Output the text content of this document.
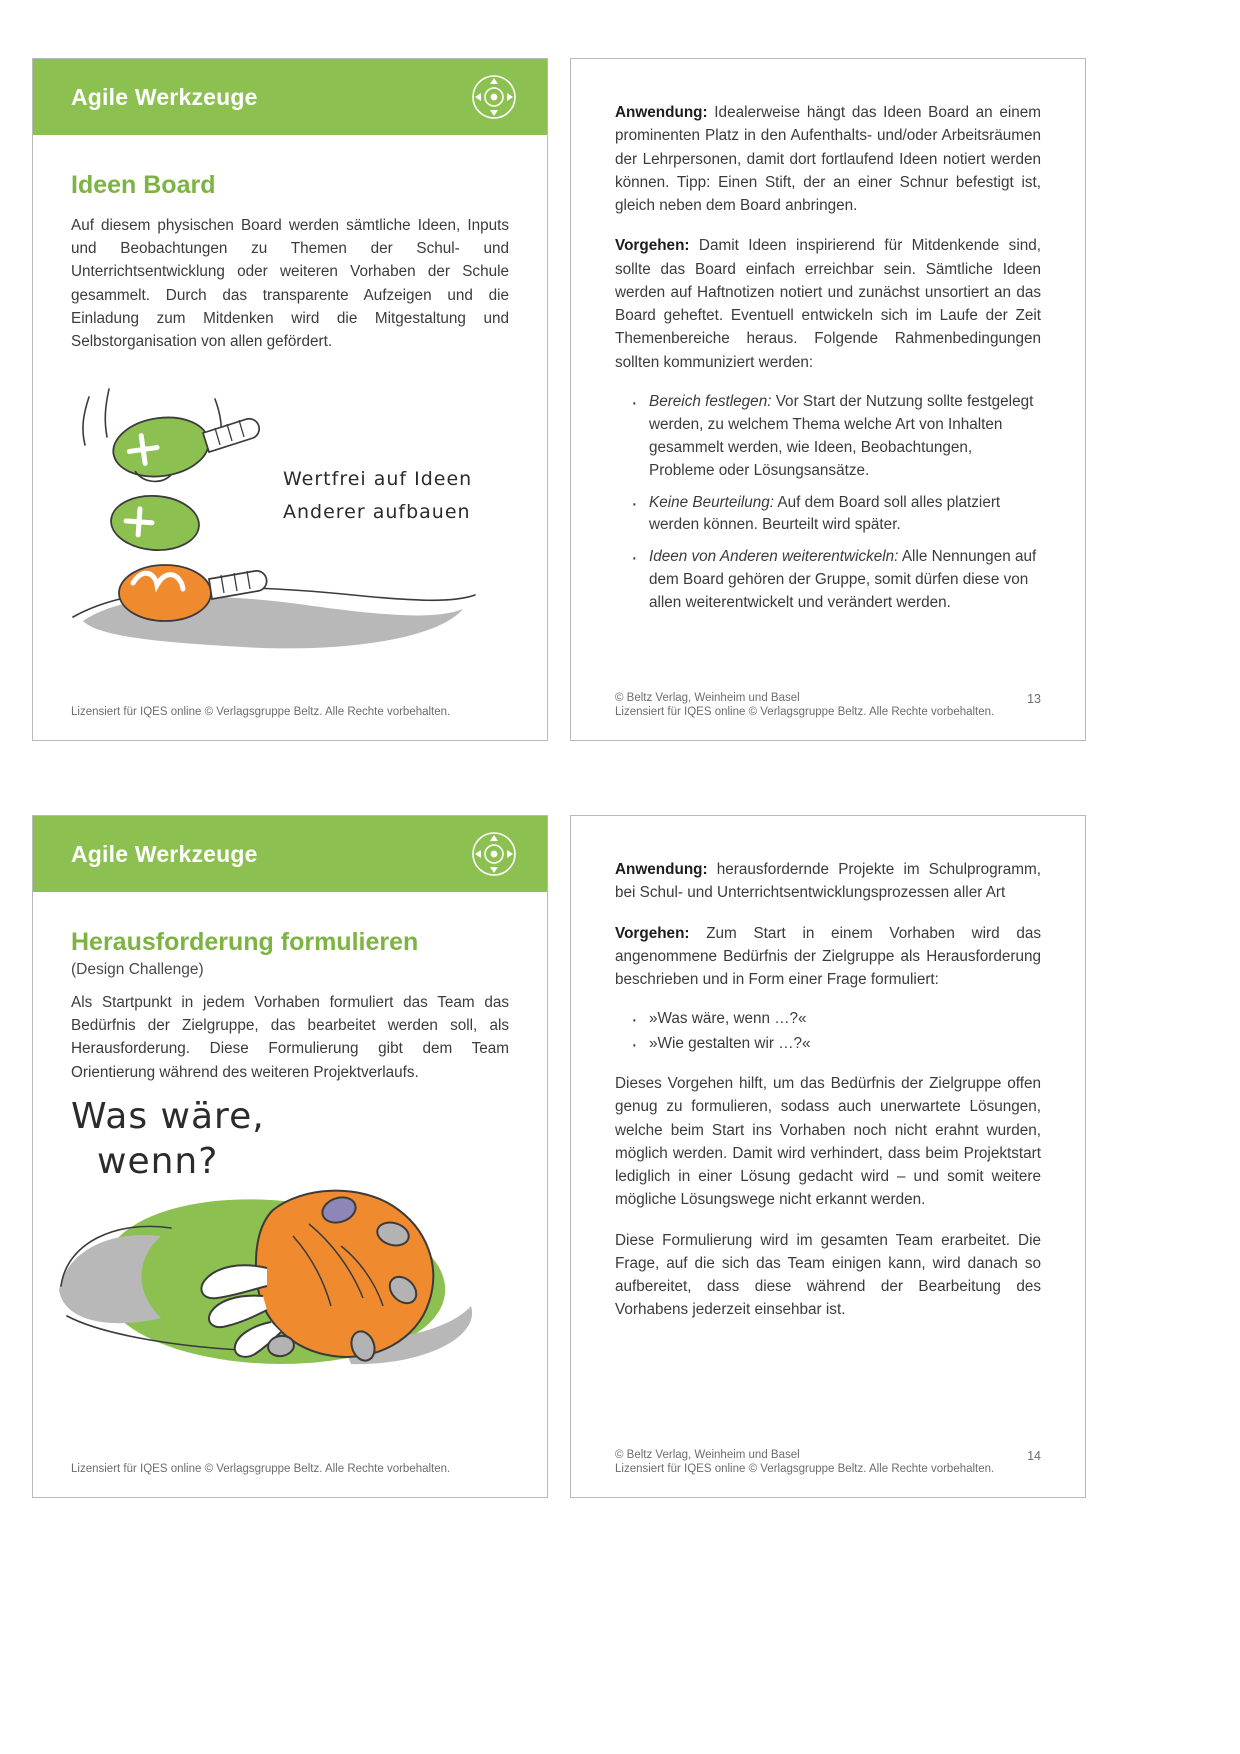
Agile Werkzeuge
Ideen Board

Auf diesem physischen Board werden sämtliche Ideen, Inputs und Beobachtungen zu Themen der Schul- und Unterrichtsentwicklung oder weiteren Vorhaben der Schule gesammelt. Durch das transparente Aufzeigen und die Einladung zum Mitdenken wird die Mitgestaltung und Selbstorganisation von allen gefördert.

Wertfrei auf Ideen
Anderer aufbauen
Lizensiert für IQES online © Verlagsgruppe Beltz. Alle Rechte vorbehalten.

Anwendung: Idealerweise hängt das Ideen Board an einem prominenten Platz in den Aufenthalts- und/oder Arbeitsräumen der Lehrpersonen, damit dort fortlaufend Ideen notiert werden können. Tipp: Einen Stift, der an einer Schnur befestigt ist, gleich neben dem Board anbringen.

Vorgehen: Damit Ideen inspirierend für Mitdenkende sind, sollte das Board einfach erreichbar sein. Sämtliche Ideen werden auf Haftnotizen notiert und zunächst unsortiert an das Board geheftet. Eventuell entwickeln sich im Laufe der Zeit Themenbereiche heraus. Folgende Rahmenbedingungen sollten kommuniziert werden:

· Bereich festlegen: Vor Start der Nutzung sollte festgelegt werden, zu welchem Thema welche Art von Inhalten gesammelt werden, wie Ideen, Beobachtungen, Probleme oder Lösungsansätze.
· Keine Beurteilung: Auf dem Board soll alles platziert werden können. Beurteilt wird später.
· Ideen von Anderen weiterentwickeln: Alle Nennungen auf dem Board gehören der Gruppe, somit dürfen diese von allen weiterentwickelt und verändert werden.
© Beltz Verlag, Weinheim und Basel	13
Lizensiert für IQES online © Verlagsgruppe Beltz. Alle Rechte vorbehalten.
Agile Werkzeuge
Herausforderung formulieren
(Design Challenge)

Als Startpunkt in jedem Vorhaben formuliert das Team das Bedürfnis der Zielgruppe, das bearbeitet werden soll, als Herausforderung. Diese Formulierung gibt dem Team Orientierung während des weiteren Projektverlaufs.

Was wäre,
wenn?
Lizensiert für IQES online © Verlagsgruppe Beltz. Alle Rechte vorbehalten.

Anwendung: herausfordernde Projekte im Schulprogramm, bei Schul- und Unterrichtsentwicklungsprozessen aller Art

Vorgehen: Zum Start in einem Vorhaben wird das angenommene Bedürfnis der Zielgruppe als Herausforderung beschrieben und in Form einer Frage formuliert:

· »Was wäre, wenn …?«
· »Wie gestalten wir …?«

Dieses Vorgehen hilft, um das Bedürfnis der Zielgruppe offen genug zu formulieren, sodass auch unerwartete Lösungen, welche beim Start ins Vorhaben noch nicht erahnt wurden, möglich werden. Damit wird verhindert, dass beim Projektstart lediglich in einer Lösung gedacht wird – und somit weitere mögliche Lösungswege nicht erkannt werden.

Diese Formulierung wird im gesamten Team erarbeitet. Die Frage, auf die sich das Team einigen kann, wird danach so aufbereitet, dass diese während der Bearbeitung des Vorhabens jederzeit einsehbar ist.

© Beltz Verlag, Weinheim und Basel	14
Lizensiert für IQES online © Verlagsgruppe Beltz. Alle Rechte vorbehalten.
